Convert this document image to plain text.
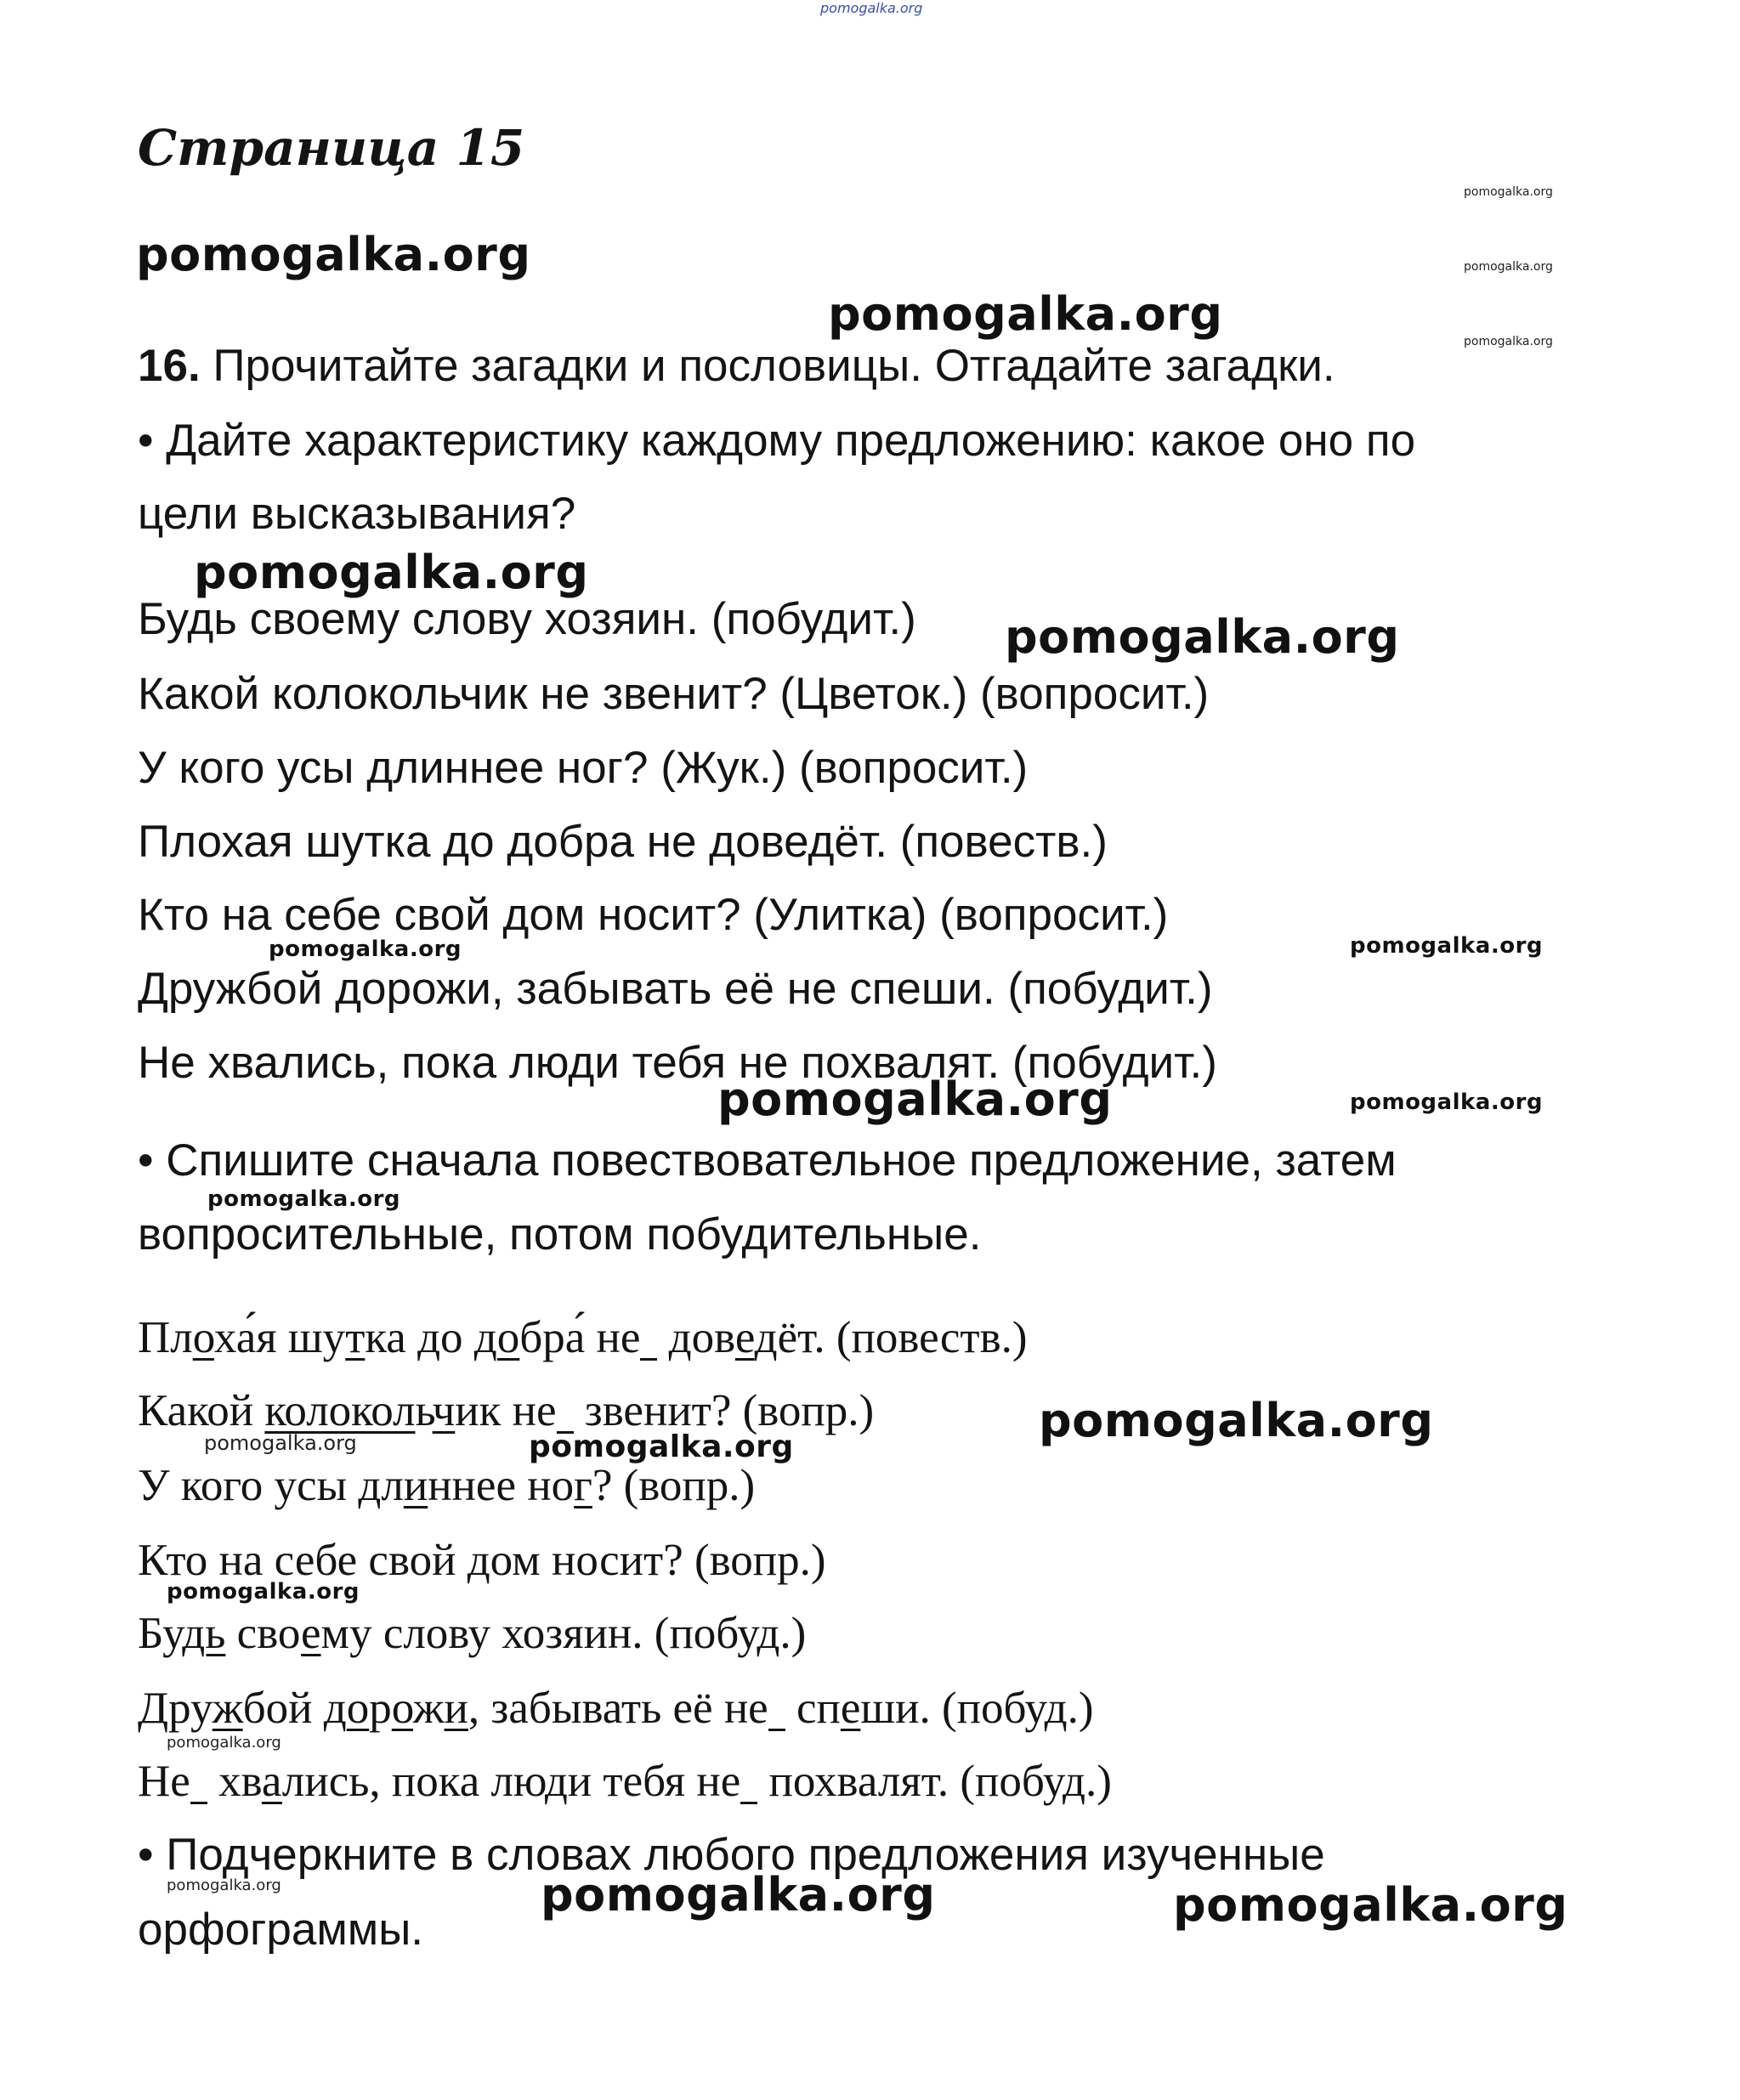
pomogalka.org
Страница 15
pomogalka.org
pomogalka.org
pomogalka.org
pomogalka.org
pomogalka.org
16. Прочитайте загадки и пословицы. Отгадайте загадки.
• Дайте характеристику каждому предложению: какое оно по
цели высказывания?
pomogalka.org
Будь своему слову хозяин. (побудит.) pomogalka.org
Какой колокольчик не звенит? (Цветок.) (вопросит.)
У кого усы длиннее ног? (Жук.) (вопросит.)
Плохая шутка до добра не доведёт. (повеств.)
Кто на себе свой дом носит? (Улитка) (вопросит.)
pomogalka.org	pomogalka.org
Дружбой дорожи, забывать её не спеши. (побудит.)
Не хвались, пока люди тебя не похвалят. (побудит.)
pomogalka.org	pomogalka.org
• Спишите сначала повествовательное предложение, затем
pomogalka.org
вопросительные, потом побудительные.
Плоха́я шутка до добра́ не доведёт. (повеств.)
Какой колокольчик не звенит? (вопр.)	pomogalka.org
pomogalka.org	pomogalka.org
У кого усы длиннее ног? (вопр.)
Кто на себе свой дом носит? (вопр.)
pomogalka.org
Будь своему слову хозяин. (побуд.)
Дружбой дорожи, забывать её не спеши. (побуд.)
pomogalka.org
Не хвались, пока люди тебя не похвалят. (побуд.)
• Подчеркните в словах любого предложения изученные
pomogalka.org	pomogalka.org	pomogalka.org
орфограммы.
